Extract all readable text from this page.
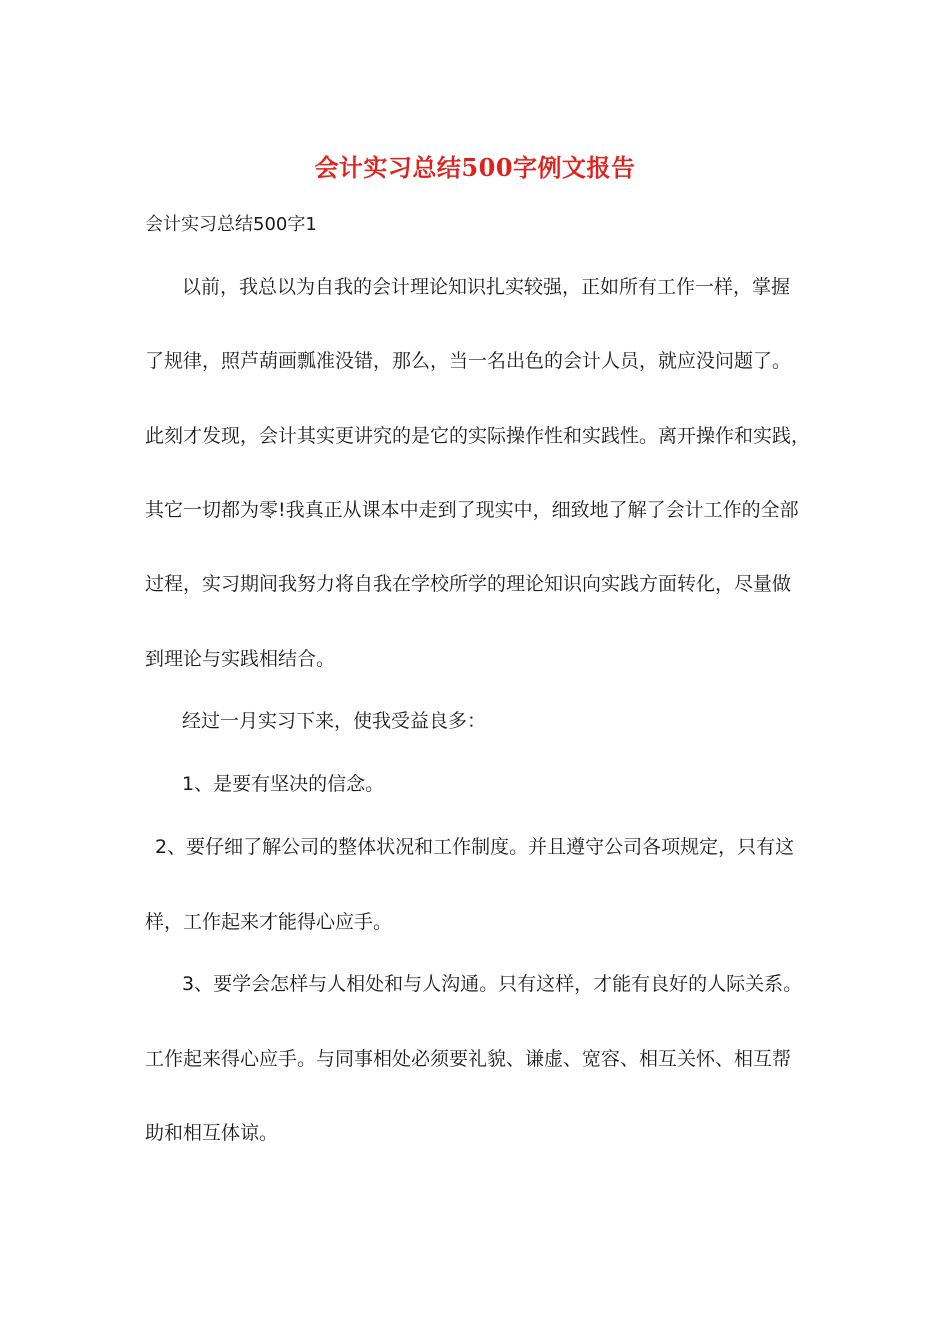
会计实习总结500字例文报告
会计实习总结500字1
以前，我总以为自我的会计理论知识扎实较强，正如所有工作一样，掌握
了规律，照芦葫画瓢准没错，那么，当一名出色的会计人员，就应没问题了。
此刻才发现，会计其实更讲究的是它的实际操作性和实践性。离开操作和实践，
其它一切都为零!我真正从课本中走到了现实中，细致地了解了会计工作的全部
过程，实习期间我努力将自我在学校所学的理论知识向实践方面转化，尽量做
到理论与实践相结合。
经过一月实习下来，使我受益良多：
1、是要有坚决的信念。
2、要仔细了解公司的整体状况和工作制度。并且遵守公司各项规定，只有这
样，工作起来才能得心应手。
3、要学会怎样与人相处和与人沟通。只有这样，才能有良好的人际关系。
工作起来得心应手。与同事相处必须要礼貌、谦虚、宽容、相互关怀、相互帮
助和相互体谅。
